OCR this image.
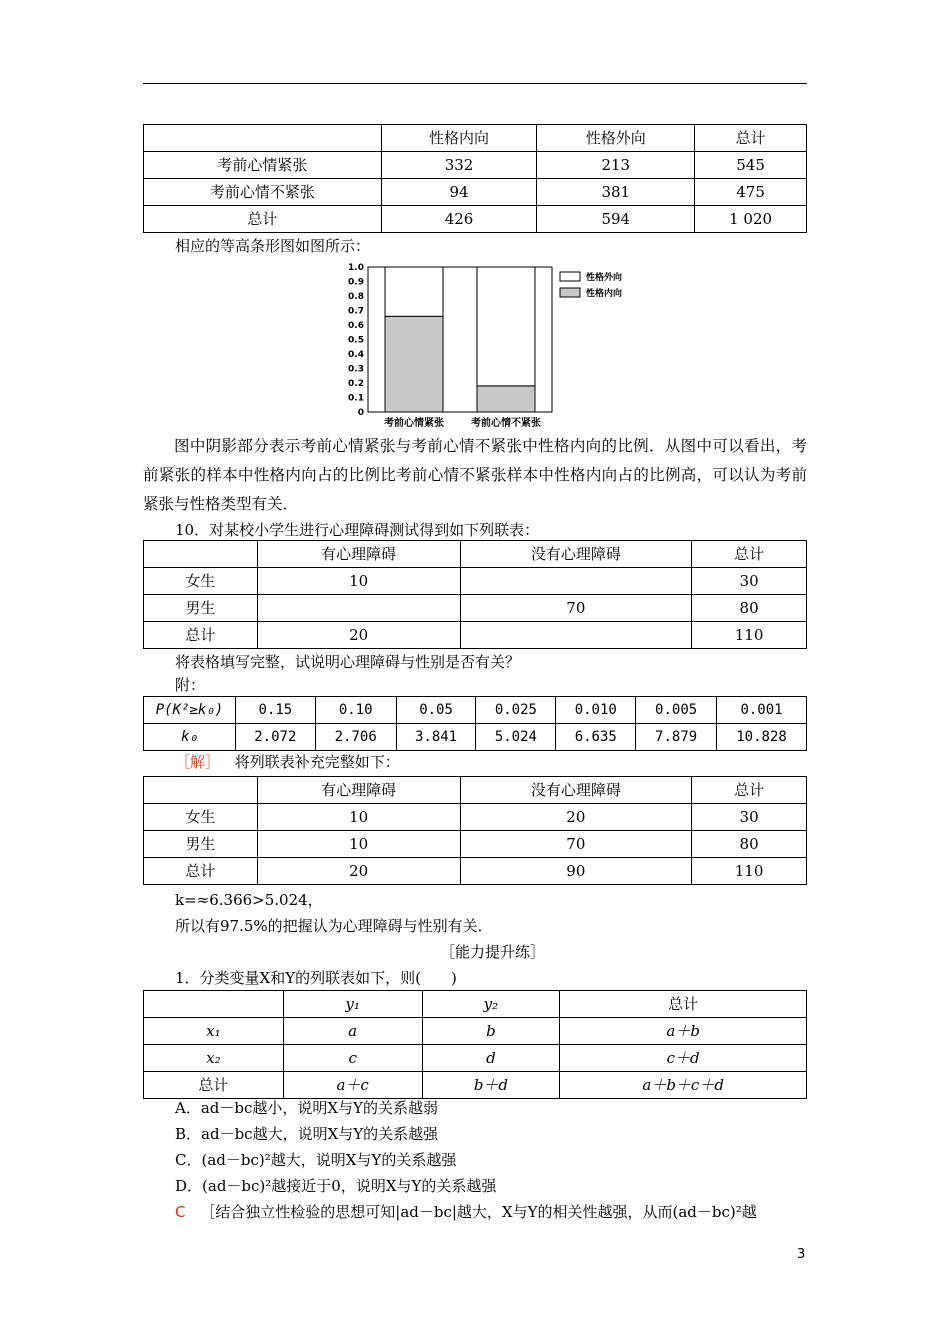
	性格内向	性格外向	总计
考前心情紧张	332	213	545
考前心情不紧张	94	381	475
总计	426	594	1 020
相应的等高条形图如图所示：
0
0.1
0.2
0.3
0.4
0.5
0.6
0.7
0.8
0.9
1.0
考前心情紧张	考前心情不紧张
性格外向
性格内向
图中阴影部分表示考前心情紧张与考前心情不紧张中性格内向的比例．从图中可以看出，考前紧张的样本中性格内向占的比例比考前心情不紧张样本中性格内向占的比例高，可以认为考前紧张与性格类型有关．
10．对某校小学生进行心理障碍测试得到如下列联表：
	有心理障碍	没有心理障碍	总计
女生	10		30
男生		70	80
总计	20		110
将表格填写完整，试说明心理障碍与性别是否有关？
附：
P(K²≥k₀)	0.15	0.10	0.05	0.025	0.010	0.005	0.001
k₀	2.072	2.706	3.841	5.024	6.635	7.879	10.828
［解］ 将列联表补充完整如下：
	有心理障碍	没有心理障碍	总计
女生	10	20	30
男生	10	70	80
总计	20	90	110
k=≈6.366>5.024，
所以有97.5%的把握认为心理障碍与性别有关．
［能力提升练］
1．分类变量X和Y的列联表如下，则(　　)
	y₁	y₂	总计
x₁	a	b	a＋b
x₂	c	d	c＋d
总计	a＋c	b＋d	a＋b＋c＋d
A．ad－bc越小，说明X与Y的关系越弱
B．ad－bc越大，说明X与Y的关系越强
C．(ad－bc)²越大，说明X与Y的关系越强
D．(ad－bc)²越接近于0，说明X与Y的关系越强
C ［结合独立性检验的思想可知|ad－bc|越大，X与Y的相关性越强，从而(ad－bc)²越
3
